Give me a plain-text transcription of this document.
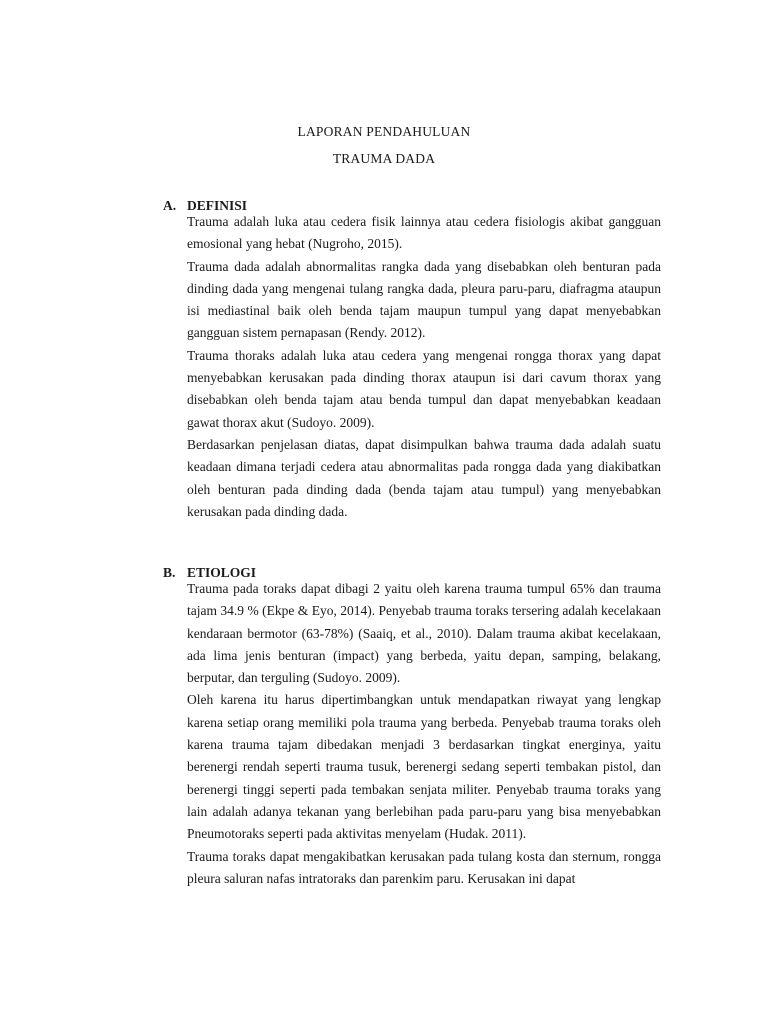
LAPORAN PENDAHULUAN
TRAUMA DADA
A. DEFINISI

Trauma adalah luka atau cedera fisik lainnya atau cedera fisiologis akibat gangguan emosional yang hebat (Nugroho, 2015).

Trauma dada adalah abnormalitas rangka dada yang disebabkan oleh benturan pada dinding dada yang mengenai tulang rangka dada, pleura paru-paru, diafragma ataupun isi mediastinal baik oleh benda tajam maupun tumpul yang dapat menyebabkan gangguan sistem pernapasan (Rendy. 2012).

Trauma thoraks adalah luka atau cedera yang mengenai rongga thorax yang dapat menyebabkan kerusakan pada dinding thorax ataupun isi dari cavum thorax yang disebabkan oleh benda tajam atau benda tumpul dan dapat menyebabkan keadaan gawat thorax akut (Sudoyo. 2009).

Berdasarkan penjelasan diatas, dapat disimpulkan bahwa trauma dada adalah suatu keadaan dimana terjadi cedera atau abnormalitas pada rongga dada yang diakibatkan oleh benturan pada dinding dada (benda tajam atau tumpul) yang menyebabkan kerusakan pada dinding dada.

B. ETIOLOGI

Trauma pada toraks dapat dibagi 2 yaitu oleh karena trauma tumpul 65% dan trauma tajam 34.9 % (Ekpe & Eyo, 2014). Penyebab trauma toraks tersering adalah kecelakaan kendaraan bermotor (63-78%) (Saaiq, et al., 2010). Dalam trauma akibat kecelakaan, ada lima jenis benturan (impact) yang berbeda, yaitu depan, samping, belakang, berputar, dan terguling (Sudoyo. 2009).

Oleh karena itu harus dipertimbangkan untuk mendapatkan riwayat yang lengkap karena setiap orang memiliki pola trauma yang berbeda. Penyebab trauma toraks oleh karena trauma tajam dibedakan menjadi 3 berdasarkan tingkat energinya, yaitu berenergi rendah seperti trauma tusuk, berenergi sedang seperti tembakan pistol, dan berenergi tinggi seperti pada tembakan senjata militer. Penyebab trauma toraks yang lain adalah adanya tekanan yang berlebihan pada paru-paru yang bisa menyebabkan Pneumotoraks seperti pada aktivitas menyelam (Hudak. 2011).

Trauma toraks dapat mengakibatkan kerusakan pada tulang kosta dan sternum, rongga pleura saluran nafas intratoraks dan parenkim paru. Kerusakan ini dapat
